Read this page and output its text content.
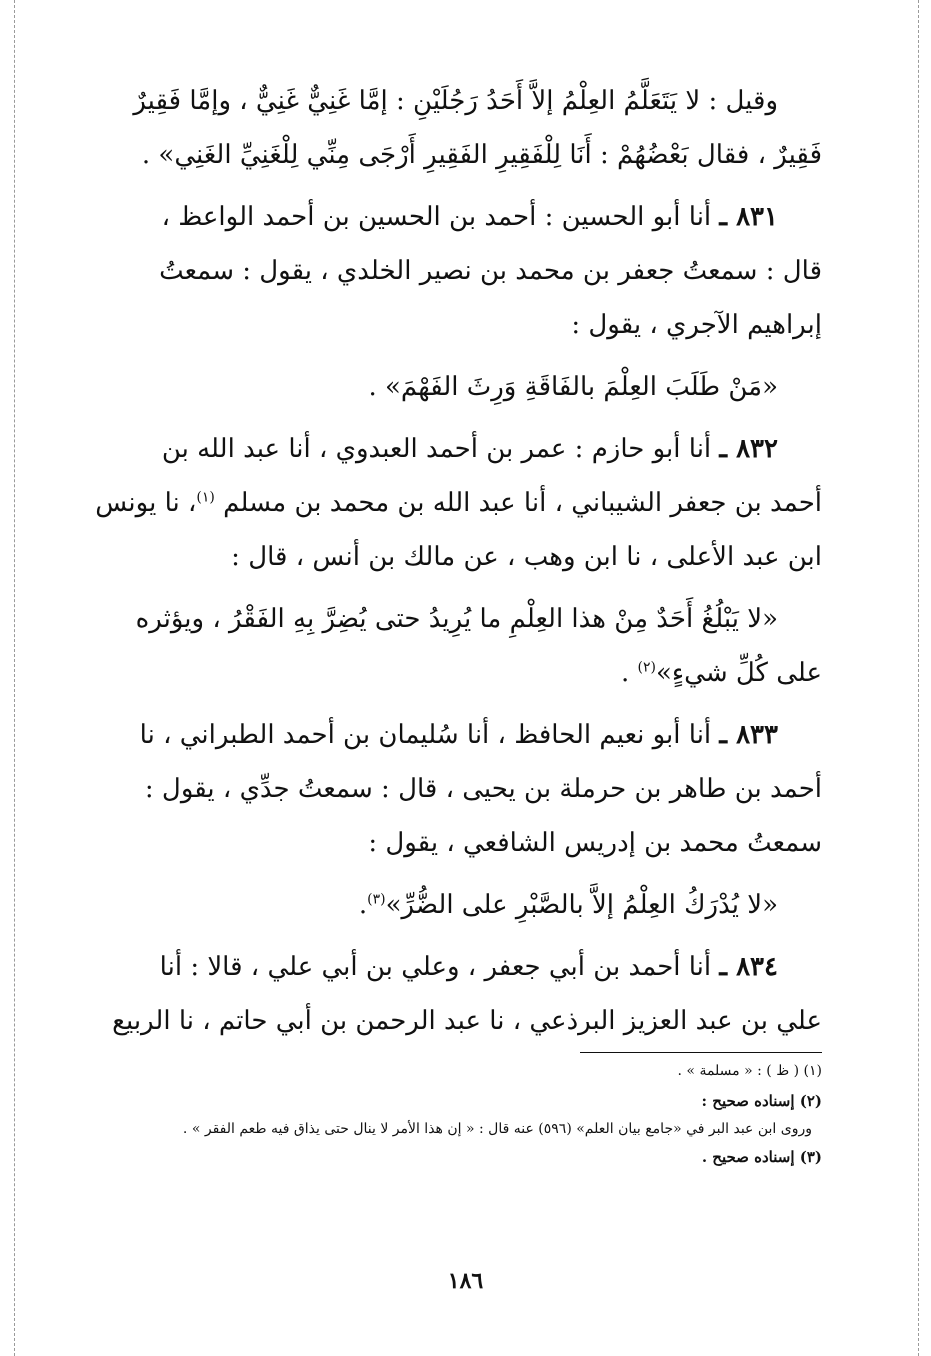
وقيل : لا يَتَعَلَّمُ العِلْمُ إلاَّ أَحَدُ رَجُلَيْنِ : إمَّا غَنِيٌّ غَنِيٌّ ، وإمَّا فَقِيرٌ
فَقِيرٌ ، فقال بَعْضُهُمْ : أَنَا لِلْفَقِيرِ الفَقِيرِ أَرْجَى مِنِّي لِلْغَنِيِّ الغَنِي» .
٨٣١ ـ أنا أبو الحسين : أحمد بن الحسين بن أحمد الواعظ ،
قال : سمعتُ جعفر بن محمد بن نصير الخلدي ، يقول : سمعتُ
إبراهيم الآجري ، يقول :
«مَنْ طَلَبَ العِلْمَ بالفَاقَةِ وَرِثَ الفَهْمَ» .
٨٣٢ ـ أنا أبو حازم : عمر بن أحمد العبدوي ، أنا عبد الله بن
أحمد بن جعفر الشيباني ، أنا عبد الله بن محمد بن مسلم $^{(١)}$، نا يونس
ابن عبد الأعلى ، نا ابن وهب ، عن مالك بن أنس ، قال :
«لا يَبْلُغُ أَحَدٌ مِنْ هذا العِلْمِ ما يُرِيدُ حتى يُضِرَّ بِهِ الفَقْرُ ، ويؤثره
على كُلِّ شيءٍ»$^{(٢)}$ .
٨٣٣ ـ أنا أبو نعيم الحافظ ، أنا سُليمان بن أحمد الطبراني ، نا
أحمد بن طاهر بن حرملة بن يحيى ، قال : سمعتُ جدِّي ، يقول :
سمعتُ محمد بن إدريس الشافعي ، يقول :
«لا يُدْرَكُ العِلْمُ إلاَّ بالصَّبْرِ على الضُّرِّ»$^{(٣)}$.
٨٣٤ ـ أنا أحمد بن أبي جعفر ، وعلي بن أبي علي ، قالا : أنا
علي بن عبد العزيز البرذعي ، نا عبد الرحمن بن أبي حاتم ، نا الربيع

(١) ( ظ ) : « مسلمة » .

(٢) إسناده صحيح :

وروى ابن عبد البر في «جامع بيان العلم» (٥٩٦) عنه قال : « إن هذا الأمر لا ينال حتى يذاق فيه طعم الفقر » .

(٣) إسناده صحيح .

١٨٦
